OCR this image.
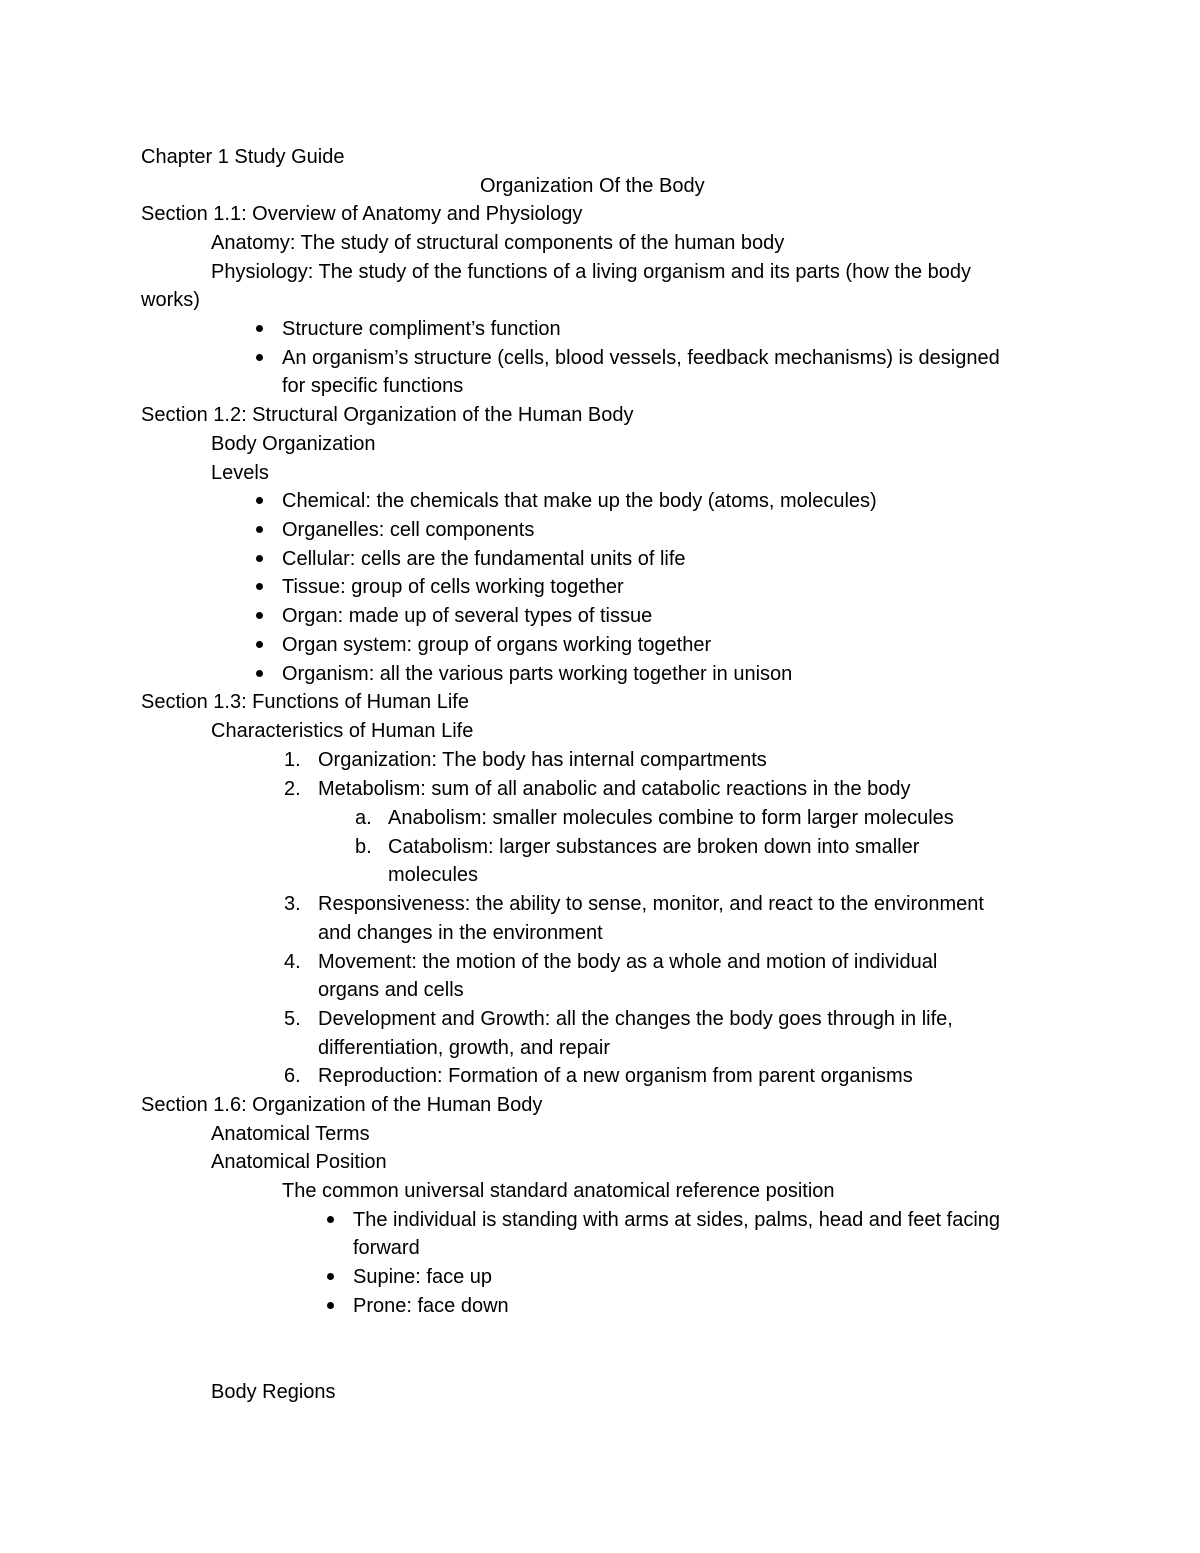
Chapter 1 Study Guide
Organization Of the Body
Section 1.1: Overview of Anatomy and Physiology
Anatomy: The study of structural components of the human body
Physiology: The study of the functions of a living organism and its parts (how the body
works)
Structure compliment’s function
An organism’s structure (cells, blood vessels, feedback mechanisms) is designed
for specific functions
Section 1.2: Structural Organization of the Human Body
Body Organization
Levels
Chemical: the chemicals that make up the body (atoms, molecules)
Organelles: cell components
Cellular: cells are the fundamental units of life
Tissue: group of cells working together
Organ: made up of several types of tissue
Organ system: group of organs working together
Organism: all the various parts working together in unison
Section 1.3: Functions of Human Life
Characteristics of Human Life
1. Organization: The body has internal compartments
2. Metabolism: sum of all anabolic and catabolic reactions in the body
a. Anabolism: smaller molecules combine to form larger molecules
b. Catabolism: larger substances are broken down into smaller
molecules
3. Responsiveness: the ability to sense, monitor, and react to the environment
and changes in the environment
4. Movement: the motion of the body as a whole and motion of individual
organs and cells
5. Development and Growth: all the changes the body goes through in life,
differentiation, growth, and repair
6. Reproduction: Formation of a new organism from parent organisms
Section 1.6: Organization of the Human Body
Anatomical Terms
Anatomical Position
The common universal standard anatomical reference position
The individual is standing with arms at sides, palms, head and feet facing
forward
Supine: face up
Prone: face down
Body Regions
